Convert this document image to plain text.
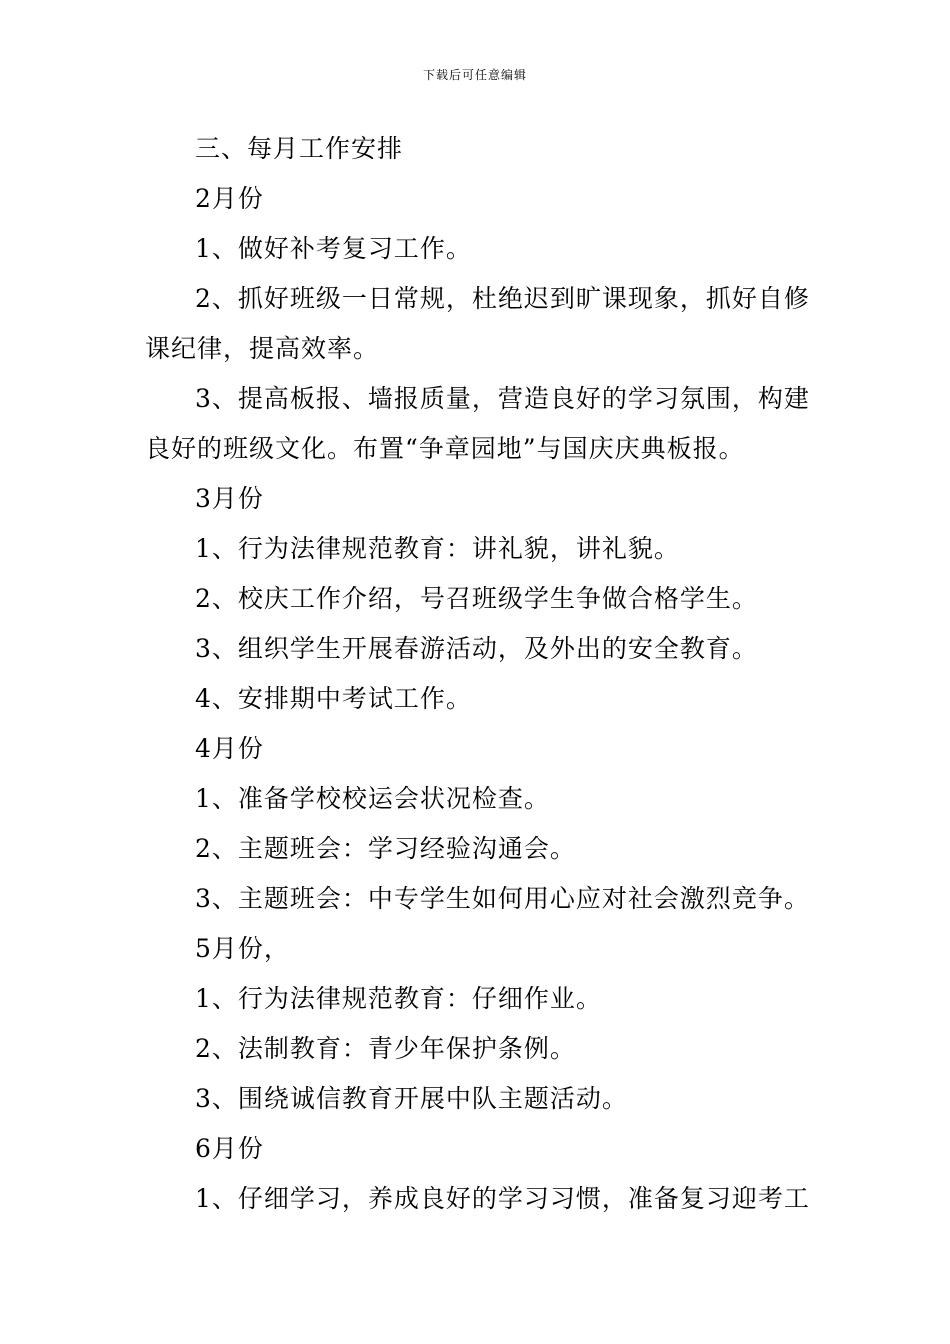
下载后可任意编辑

三、每月工作安排

2月份

1、做好补考复习工作。

2、抓好班级一日常规，杜绝迟到旷课现象，抓好自修课纪律，提高效率。

3、提高板报、墙报质量，营造良好的学习氛围，构建良好的班级文化。布置“争章园地”与国庆庆典板报。

3月份

1、行为法律规范教育：讲礼貌，讲礼貌。

2、校庆工作介绍，号召班级学生争做合格学生。

3、组织学生开展春游活动，及外出的安全教育。

4、安排期中考试工作。

4月份

1、准备学校校运会状况检查。

2、主题班会：学习经验沟通会。

3、主题班会：中专学生如何用心应对社会激烈竞争。

5月份，

1、行为法律规范教育：仔细作业。

2、法制教育：青少年保护条例。

3、围绕诚信教育开展中队主题活动。

6月份

1、仔细学习，养成良好的学习习惯，准备复习迎考工
